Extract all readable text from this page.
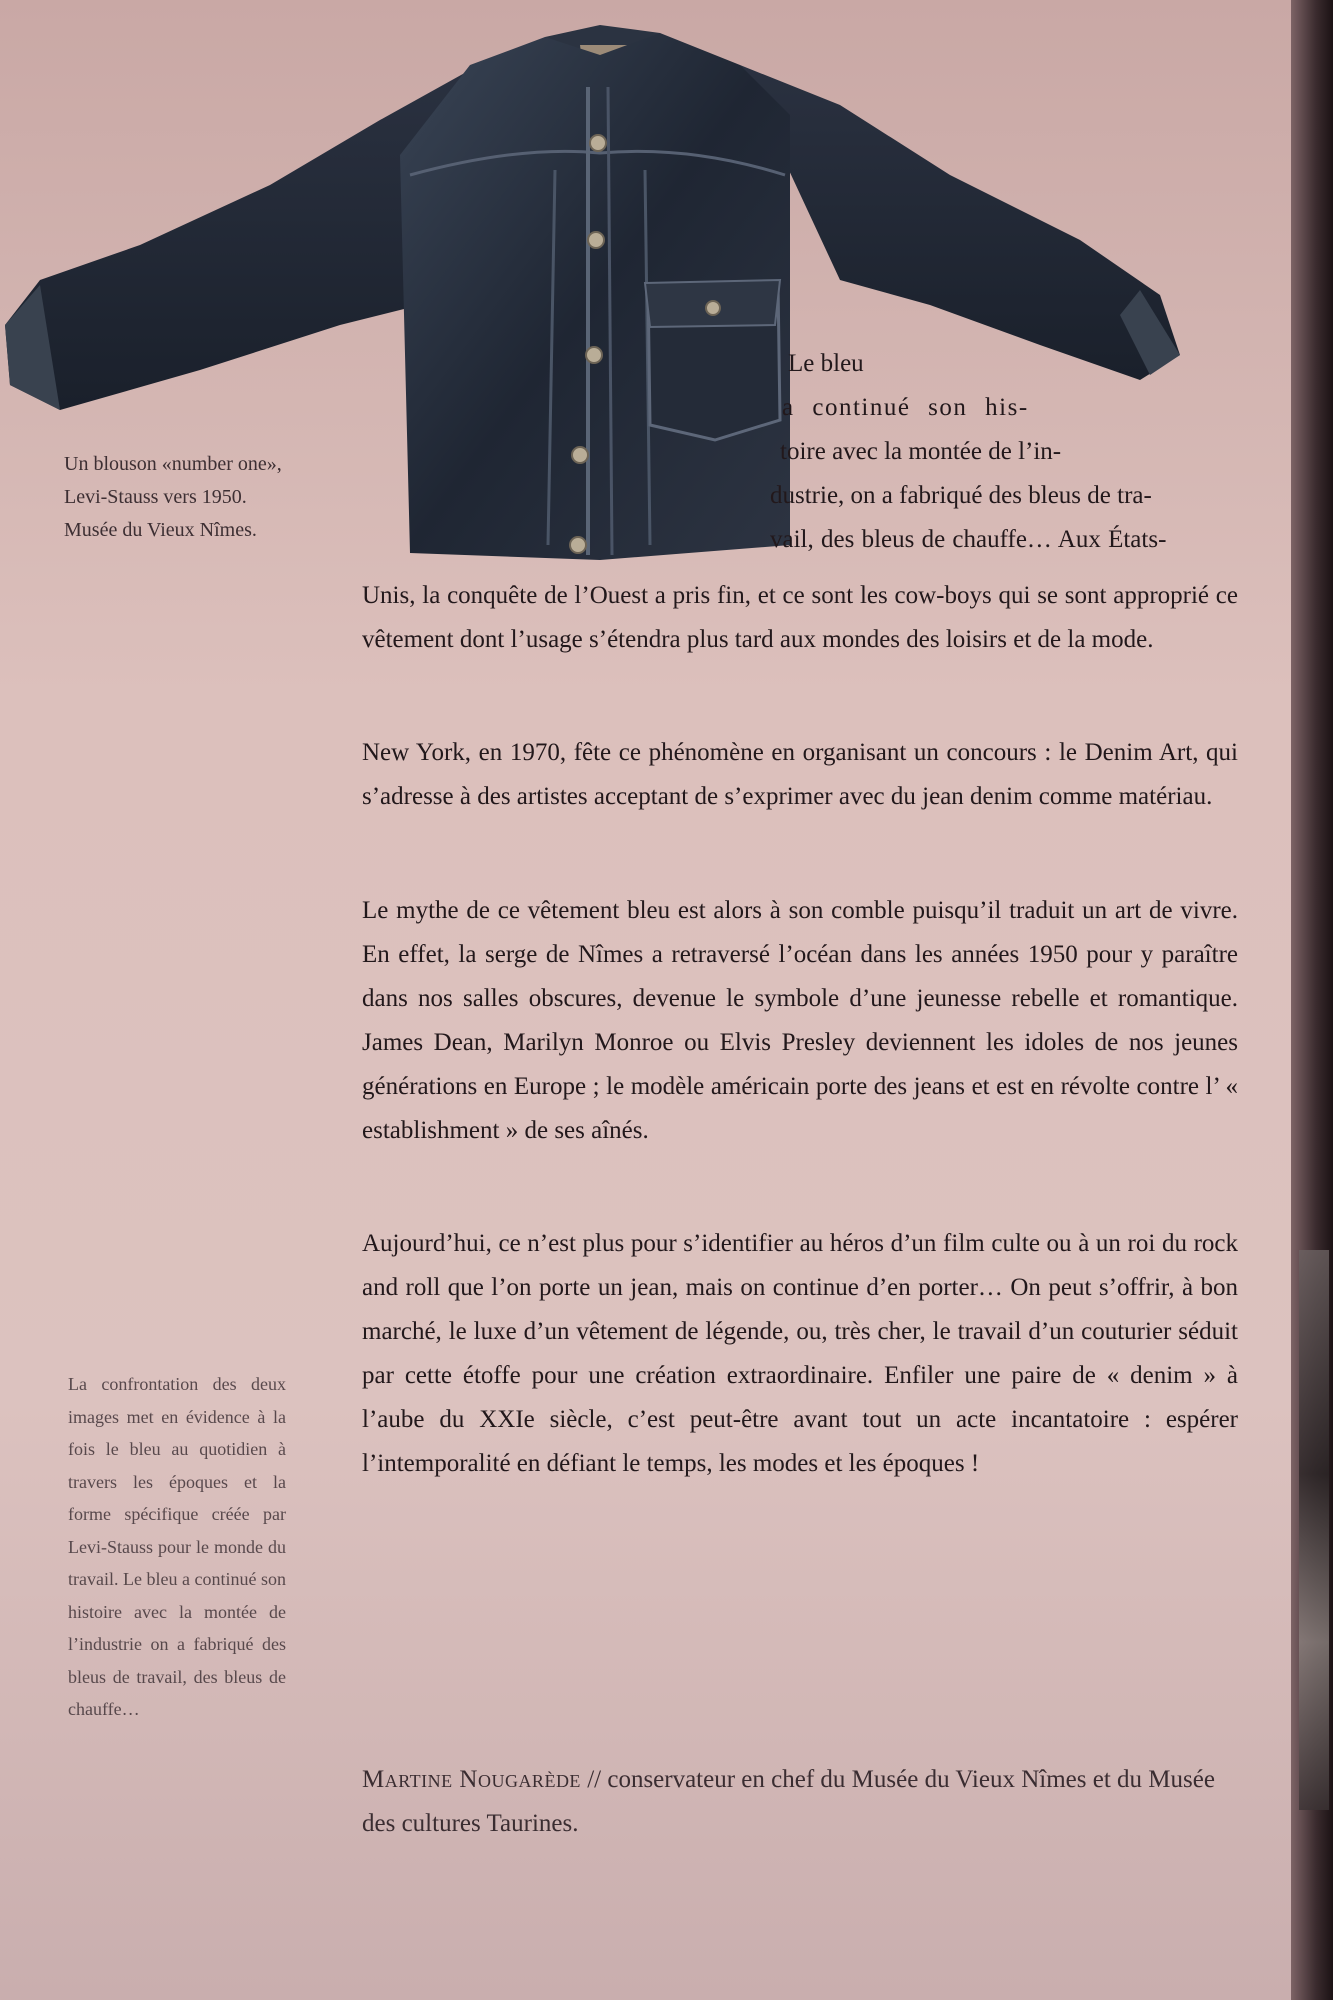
Un blouson «number one», Levi-Stauss vers 1950. Musée du Vieux Nîmes.

Le bleu

a continué son his-

toire avec la montée de l’in-

dustrie, on a fabriqué des bleus de tra-

vail, des bleus de chauffe… Aux États-

Unis, la conquête de l’Ouest a pris fin, et ce sont les cow-boys qui se sont approprié ce vêtement dont l’usage s’étendra plus tard aux mondes des loisirs et de la mode.

New York, en 1970, fête ce phénomène en organisant un concours : le Denim Art, qui s’adresse à des artistes acceptant de s’exprimer avec du jean denim comme matériau.

Le mythe de ce vêtement bleu est alors à son comble puisqu’il traduit un art de vivre. En effet, la serge de Nîmes a retraversé l’océan dans les années 1950 pour y paraître dans nos salles obscures, devenue le symbole d’une jeunesse rebelle et romantique. James Dean, Marilyn Monroe ou Elvis Presley deviennent les idoles de nos jeunes générations en Europe ; le modèle américain porte des jeans et est en révolte contre l’ « establishment » de ses aînés.

Aujourd’hui, ce n’est plus pour s’identifier au héros d’un film culte ou à un roi du rock and roll que l’on porte un jean, mais on continue d’en porter… On peut s’offrir, à bon marché, le luxe d’un vêtement de légende, ou, très cher, le travail d’un couturier séduit par cette étoffe pour une création extraordinaire. Enfiler une paire de « denim » à l’aube du XXIe siècle, c’est peut-être avant tout un acte incantatoire : espérer l’intemporalité en défiant le temps, les modes et les époques !

La confrontation des deux images met en évidence à la fois le bleu au quotidien à travers les époques et la forme spécifique créée par Levi-Stauss pour le monde du travail. Le bleu a continué son histoire avec la montée de l’industrie on a fabriqué des bleus de travail, des bleus de chauffe…
Martine Nougarède // conservateur en chef du Musée du Vieux Nîmes et du Musée des cultures Taurines.
